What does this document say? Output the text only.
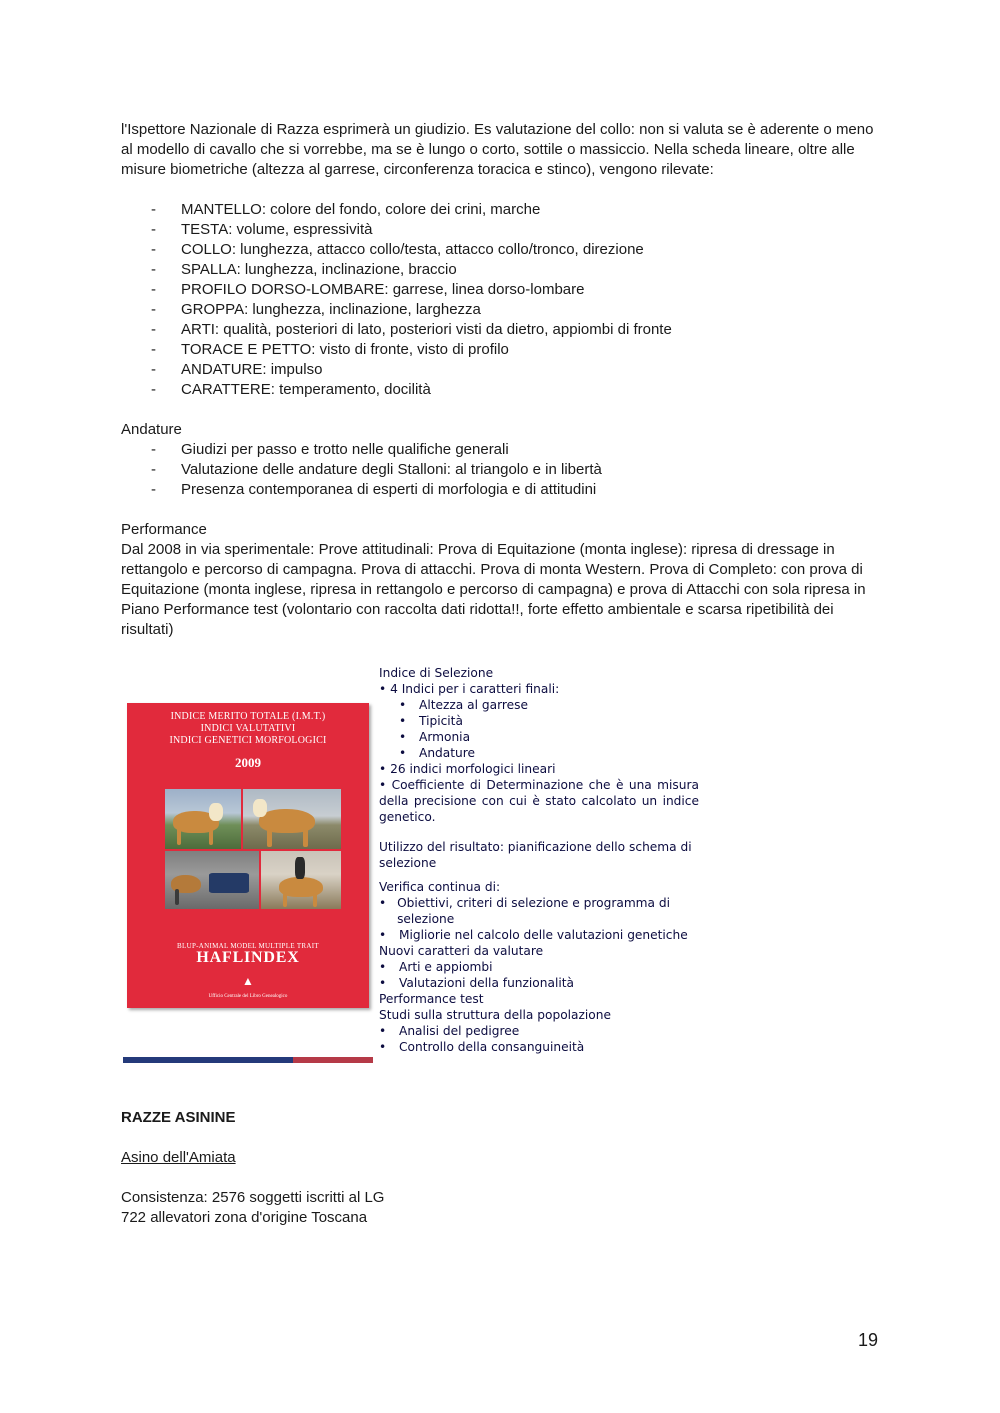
l'Ispettore Nazionale di Razza esprimerà un giudizio. Es valutazione del collo: non si valuta se è aderente o meno al modello di cavallo che si vorrebbe, ma se è lungo o corto, sottile o massiccio. Nella scheda lineare, oltre alle misure biometriche (altezza al garrese, circonferenza toracica e stinco), vengono rilevate:

- MANTELLO: colore del fondo, colore dei crini, marche
- TESTA: volume, espressività
- COLLO: lunghezza, attacco collo/testa, attacco collo/tronco, direzione
- SPALLA: lunghezza, inclinazione, braccio
- PROFILO DORSO-LOMBARE: garrese, linea dorso-lombare
- GROPPA: lunghezza, inclinazione, larghezza
- ARTI: qualità, posteriori di lato, posteriori visti da dietro, appiombi di fronte
- TORACE E PETTO: visto di fronte, visto di profilo
- ANDATURE: impulso
- CARATTERE: temperamento, docilità

Andature

- Giudizi per passo e trotto nelle qualifiche generali
- Valutazione delle andature degli Stalloni: al triangolo e in libertà
- Presenza contemporanea di esperti di morfologia e di attitudini

Performance

Dal 2008 in via sperimentale: Prove attitudinali: Prova di Equitazione (monta inglese): ripresa di dressage in rettangolo e percorso di campagna. Prova di attacchi. Prova di monta Western. Prova di Completo: con prova di Equitazione (monta inglese, ripresa in rettangolo e percorso di campagna) e prova di Attacchi con sola ripresa in Piano Performance test (volontario con raccolta dati ridotta!!, forte effetto ambientale e scarsa ripetibilità dei risultati)

INDICE MERITO TOTALE (I.M.T.)
INDICI VALUTATIVI
INDICI GENETICI MORFOLOGICI
2009
BLUP-ANIMAL MODEL MULTIPLE TRAIT
HAFLINDEX
▲
Ufficio Centrale del Libro Genealogico
Indice di Selezione
• 4 Indici per i caratteri finali:
• Altezza al garrese
• Tipicità
• Armonia
• Andature
• 26 indici morfologici lineari
• Coefficiente di Determinazione che è una misura della precisione con cui è stato calcolato un indice genetico.
Utilizzo del risultato: pianificazione dello schema di selezione
Verifica continua di:
• Obiettivi, criteri di selezione e programma di selezione
• Migliorie nel calcolo delle valutazioni genetiche
Nuovi caratteri da valutare
• Arti e appiombi
• Valutazioni della funzionalità
Performance test
Studi sulla struttura della popolazione
• Analisi del pedigree
• Controllo della consanguineità

RAZZE ASININE

Asino dell'Amiata

Consistenza: 2576 soggetti iscritti al LG

722 allevatori zona d'origine Toscana

19
